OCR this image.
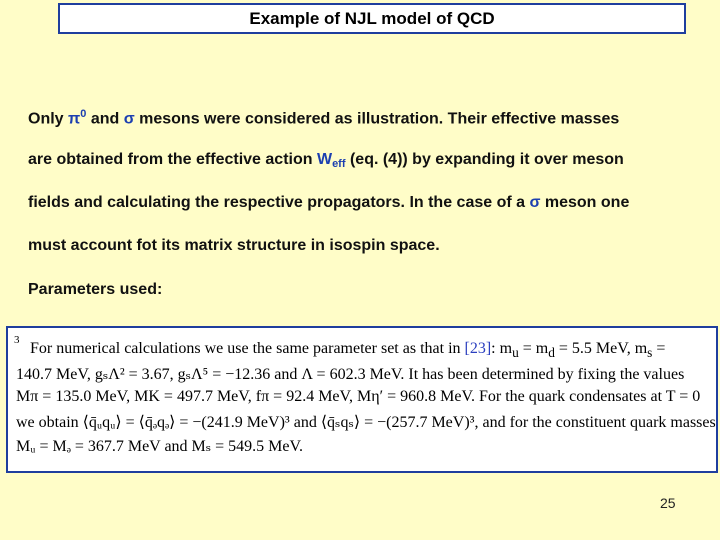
Example of NJL model of QCD
Only $\pi^0$ and σ mesons were considered as illustration. Their effective masses
are obtained from the effective action Weff (eq. (4)) by expanding it over meson
fields and calculating the respective propagators. In the case of a σ meson one
must account fot its matrix structure in isospin space.
Parameters used:
3 For numerical calculations we use the same parameter set as that in [23]: $m_u = m_d = 5.5$ MeV, $m_s$ =
140.7 MeV, gₛΛ² = 3.67, gₛΛ⁵ = −12.36 and Λ = 602.3 MeV. It has been determined by fixing the values
Mπ = 135.0 MeV, MK = 497.7 MeV, fπ = 92.4 MeV, Mη′ = 960.8 MeV. For the quark condensates at T = 0
we obtain ⟨q̄ᵤqᵤ⟩ = ⟨q̄ₔqₔ⟩ = −(241.9 MeV)³ and ⟨q̄ₛqₛ⟩ = −(257.7 MeV)³, and for the constituent quark masses
Mᵤ = Mₔ = 367.7 MeV and Mₛ = 549.5 MeV.
25
